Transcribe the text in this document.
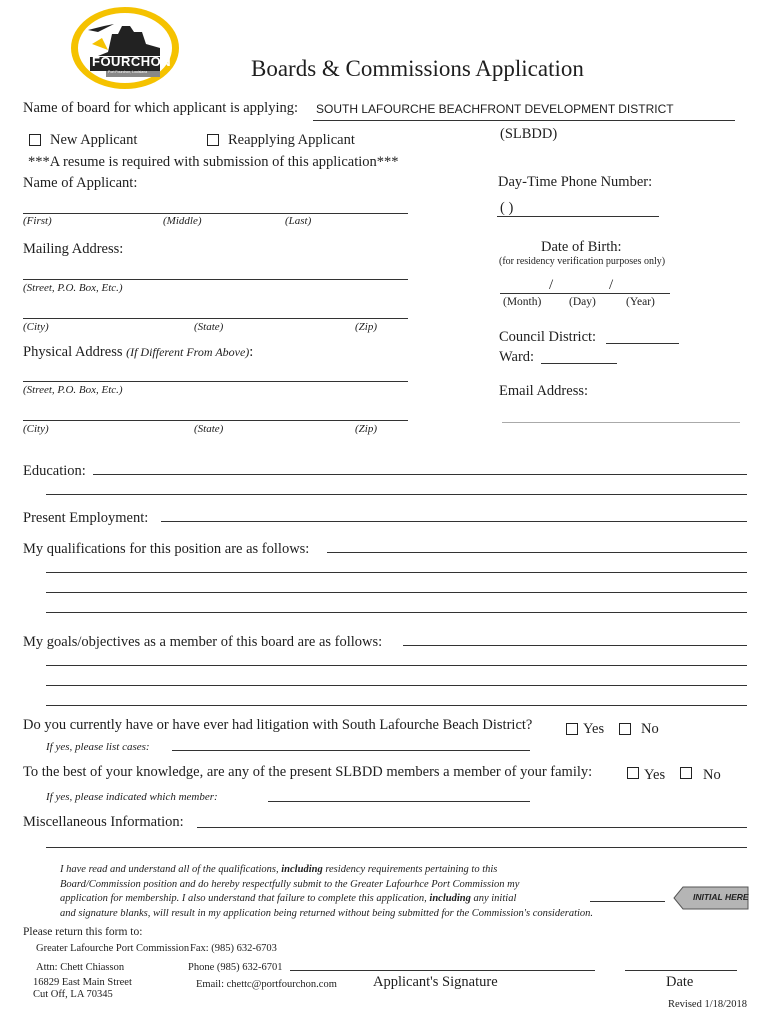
FOURCHON
Port Fourchon, Louisiana	Boards & Commissions Application
Name of board for which applicant is applying: SOUTH LAFOURCHE BEACHFRONT DEVELOPMENT DISTRICT
(SLBDD)
New Applicant	Reapplying Applicant
***A resume is required with submission of this application***
Name of Applicant:
(First)	(Middle)	(Last)
Day-Time Phone Number:
( )
Mailing Address:
(Street, P.O. Box, Etc.)
(City)	(State)	(Zip)
Date of Birth:
(for residency verification purposes only)
/	/
(Month) (Day)	(Year)
Council District:
Ward:
Physical Address (If Different From Above):
(Street, P.O. Box, Etc.)
(City)	(State)	(Zip)
Email Address:
Education:
Present Employment:
My qualifications for this position are as follows:
My goals/objectives as a member of this board are as follows:
Do you currently have or have ever had litigation with South Lafourche Beach District?	Yes	No
If yes, please list cases:
To the best of your knowledge, are any of the present SLBDD members a member of your family:	Yes	No
If yes, please indicated which member:
Miscellaneous Information:
I have read and understand all of the qualifications, including residency requirements pertaining to this
Board/Commission position and do hereby respectfully submit to the Greater Lafourhce Port Commission my
application for membership. I also understand that failure to complete this application, including any initial
and signature blanks, will result in my application being returned without being submitted for the Commission's consideration.
INITIAL HERE
Please return this form to:
Greater Lafourche Port Commission Fax: (985) 632-6703
Attn: Chett Chiasson	Phone (985) 632-6701
16829 East Main Street
Cut Off, LA 70345
Email: chettc@portfourchon.com Applicant's Signature	Date
Revised 1/18/2018
